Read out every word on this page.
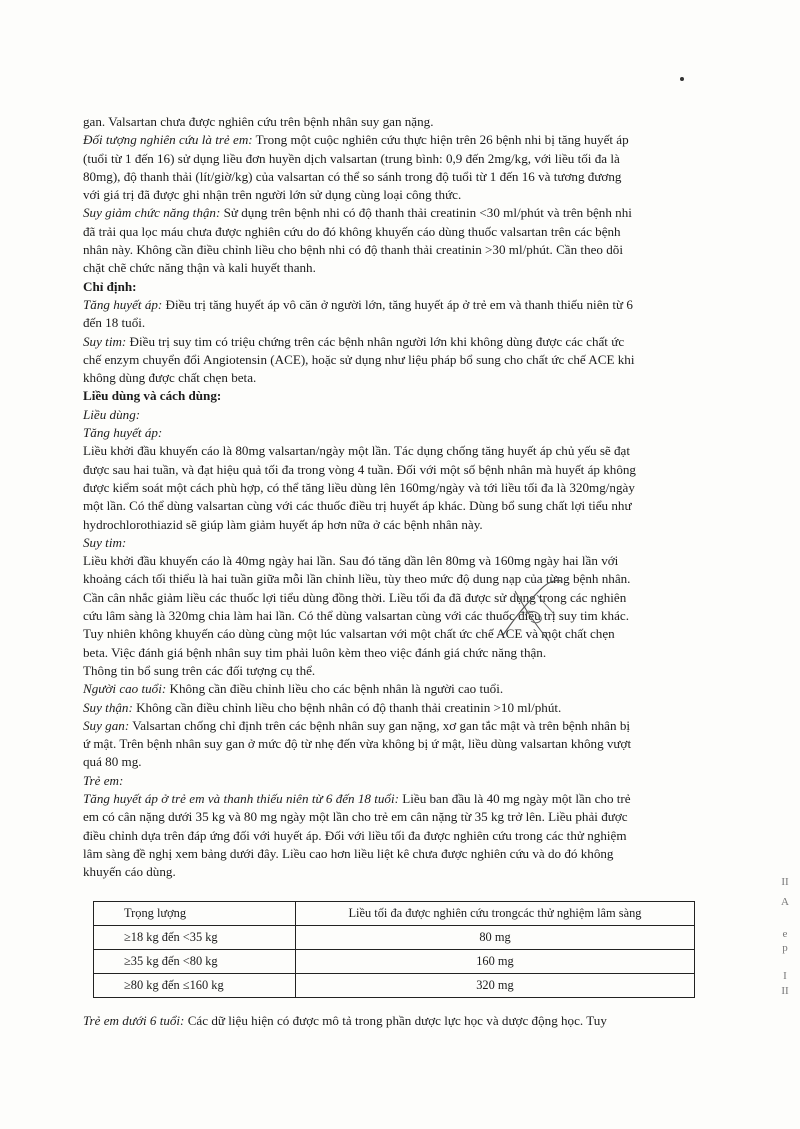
gan. Valsartan chưa được nghiên cứu trên bệnh nhân suy gan nặng.

Đối tượng nghiên cứu là trẻ em: Trong một cuộc nghiên cứu thực hiện trên 26 bệnh nhi bị tăng huyết áp

(tuổi từ 1 đến 16) sử dụng liều đơn huyền dịch valsartan (trung bình: 0,9 đến 2mg/kg, với liều tối đa là

80mg), độ thanh thải (lít/giờ/kg) của valsartan có thể so sánh trong độ tuổi từ 1 đến 16 và tương đương

với giá trị đã được ghi nhận trên người lớn sử dụng cùng loại công thức.

Suy giảm chức năng thận: Sử dụng trên bệnh nhi có độ thanh thải creatinin <30 ml/phút và trên bệnh nhi

đã trải qua lọc máu chưa được nghiên cứu do đó không khuyến cáo dùng thuốc valsartan trên các bệnh

nhân này. Không cần điều chỉnh liều cho bệnh nhi có độ thanh thải creatinin >30 ml/phút. Cần theo dõi

chặt chẽ chức năng thận và kali huyết thanh.

Chỉ định:

Tăng huyết áp: Điều trị tăng huyết áp vô căn ở người lớn, tăng huyết áp ở trẻ em và thanh thiếu niên từ 6

đến 18 tuổi.

Suy tim: Điều trị suy tim có triệu chứng trên các bệnh nhân người lớn khi không dùng được các chất ức

chế enzym chuyển đổi Angiotensin (ACE), hoặc sử dụng như liệu pháp bổ sung cho chất ức chế ACE khi

không dùng được chất chẹn beta.

Liều dùng và cách dùng:

Liều dùng:

Tăng huyết áp:

Liều khởi đầu khuyến cáo là 80mg valsartan/ngày một lần. Tác dụng chống tăng huyết áp chủ yếu sẽ đạt

được sau hai tuần, và đạt hiệu quả tối đa trong vòng 4 tuần. Đối với một số bệnh nhân mà huyết áp không

được kiểm soát một cách phù hợp, có thể tăng liều dùng lên 160mg/ngày và tới liều tối đa là 320mg/ngày

một lần. Có thể dùng valsartan cùng với các thuốc điều trị huyết áp khác. Dùng bổ sung chất lợi tiểu như

hydrochlorothiazid sẽ giúp làm giảm huyết áp hơn nữa ở các bệnh nhân này.

Suy tim:

Liều khởi đầu khuyến cáo là 40mg ngày hai lần. Sau đó tăng dần lên 80mg và 160mg ngày hai lần với

khoảng cách tối thiểu là hai tuần giữa mỗi lần chỉnh liều, tùy theo mức độ dung nạp của từng bệnh nhân.

Cần cân nhắc giảm liều các thuốc lợi tiểu dùng đồng thời. Liều tối đa đã được sử dụng trong các nghiên

cứu lâm sàng là 320mg chia làm hai lần. Có thể dùng valsartan cùng với các thuốc điều trị suy tim khác.

Tuy nhiên không khuyến cáo dùng cùng một lúc valsartan với một chất ức chế ACE và một chất chẹn

beta. Việc đánh giá bệnh nhân suy tim phải luôn kèm theo việc đánh giá chức năng thận.

Thông tin bổ sung trên các đối tượng cụ thể.

Người cao tuổi: Không cần điều chỉnh liều cho các bệnh nhân là người cao tuổi.

Suy thận: Không cần điều chỉnh liều cho bệnh nhân có độ thanh thải creatinin >10 ml/phút.

Suy gan: Valsartan chống chỉ định trên các bệnh nhân suy gan nặng, xơ gan tắc mật và trên bệnh nhân bị

ứ mật. Trên bệnh nhân suy gan ở mức độ từ nhẹ đến vừa không bị ứ mật, liều dùng valsartan không vượt

quá 80 mg.

Trẻ em:

Tăng huyết áp ở trẻ em và thanh thiếu niên từ 6 đến 18 tuổi: Liều ban đầu là 40 mg ngày một lần cho trẻ

em có cân nặng dưới 35 kg và 80 mg ngày một lần cho trẻ em cân nặng từ 35 kg trở lên. Liều phải được

điều chỉnh dựa trên đáp ứng đối với huyết áp. Đối với liều tối đa được nghiên cứu trong các thử nghiệm

lâm sàng đề nghị xem bảng dưới đây. Liều cao hơn liều liệt kê chưa được nghiên cứu và do đó không

khuyến cáo dùng.

Trọng lượng	Liều tối đa được nghiên cứu trongcác thử nghiệm lâm sàng
≥18 kg đến <35 kg	80 mg
≥35 kg đến <80 kg	160 mg
≥80 kg đến ≤160 kg	320 mg

Trẻ em dưới 6 tuổi: Các dữ liệu hiện có được mô tả trong phần dược lực học và dược động học. Tuy

II
A
e
p
I
II
